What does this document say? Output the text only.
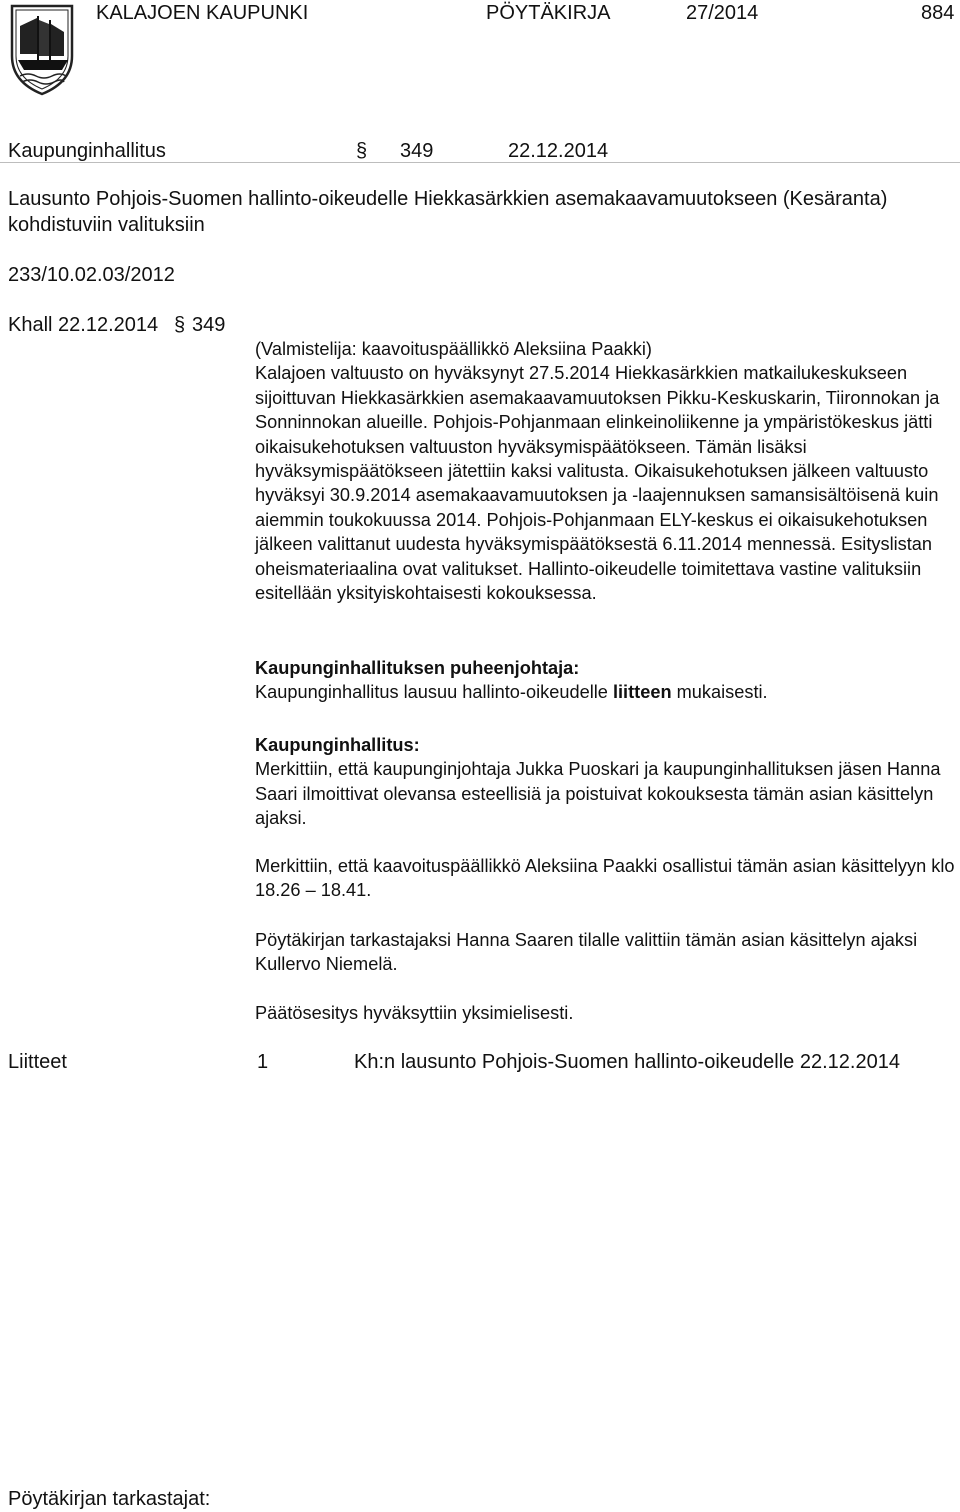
KALAJOEN KAUPUNKI	PÖYTÄKIRJA	27/2014	884
Kaupunginhallitus	§ 349	22.12.2014
Lausunto Pohjois-Suomen hallinto-oikeudelle Hiekkasärkkien asemakaavamuutokseen (Kesäranta) kohdistuviin valituksiin
233/10.02.03/2012
Khall 22.12.2014 § 349

(Valmistelija: kaavoituspäällikkö Aleksiina Paakki)

Kalajoen valtuusto on hyväksynyt 27.5.2014 Hiekkasärkkien matkailukeskukseen sijoittuvan Hiekkasärkkien asemakaavamuutoksen Pikku-Keskuskarin, Tiironnokan ja Sonninnokan alueille. Pohjois-Pohjanmaan elinkeinoliikenne ja ympäristökeskus jätti oikaisukehotuksen valtuuston hyväksymispäätökseen. Tämän lisäksi hyväksymispäätökseen jätettiin kaksi valitusta. Oikaisukehotuksen jälkeen valtuusto hyväksyi 30.9.2014 asemakaavamuutoksen ja -laajennuksen samansisältöisenä kuin aiemmin toukokuussa 2014. Pohjois-Pohjanmaan ELY-keskus ei oikaisukehotuksen jälkeen valittanut uudesta hyväksymispäätöksestä 6.11.2014 mennessä. Esityslistan oheismateriaalina ovat valitukset. Hallinto-oikeudelle toimitettava vastine valituksiin esitellään yksityiskohtaisesti kokouksessa.

Kaupunginhallituksen puheenjohtaja:

Kaupunginhallitus lausuu hallinto-oikeudelle liitteen mukaisesti.

Kaupunginhallitus:

Merkittiin, että kaupunginjohtaja Jukka Puoskari ja kaupunginhallituksen jäsen Hanna Saari ilmoittivat olevansa esteellisiä ja poistuivat kokouksesta tämän asian käsittelyn ajaksi.

Merkittiin, että kaavoituspäällikkö Aleksiina Paakki osallistui tämän asian käsittelyyn klo 18.26 – 18.41.
Pöytäkirjan tarkastajaksi Hanna Saaren tilalle valittiin tämän asian käsittelyn ajaksi Kullervo Niemelä.
Päätösesitys hyväksyttiin yksimielisesti.
Liitteet	1	Kh:n lausunto Pohjois-Suomen hallinto-oikeudelle 22.12.2014
Pöytäkirjan tarkastajat:
